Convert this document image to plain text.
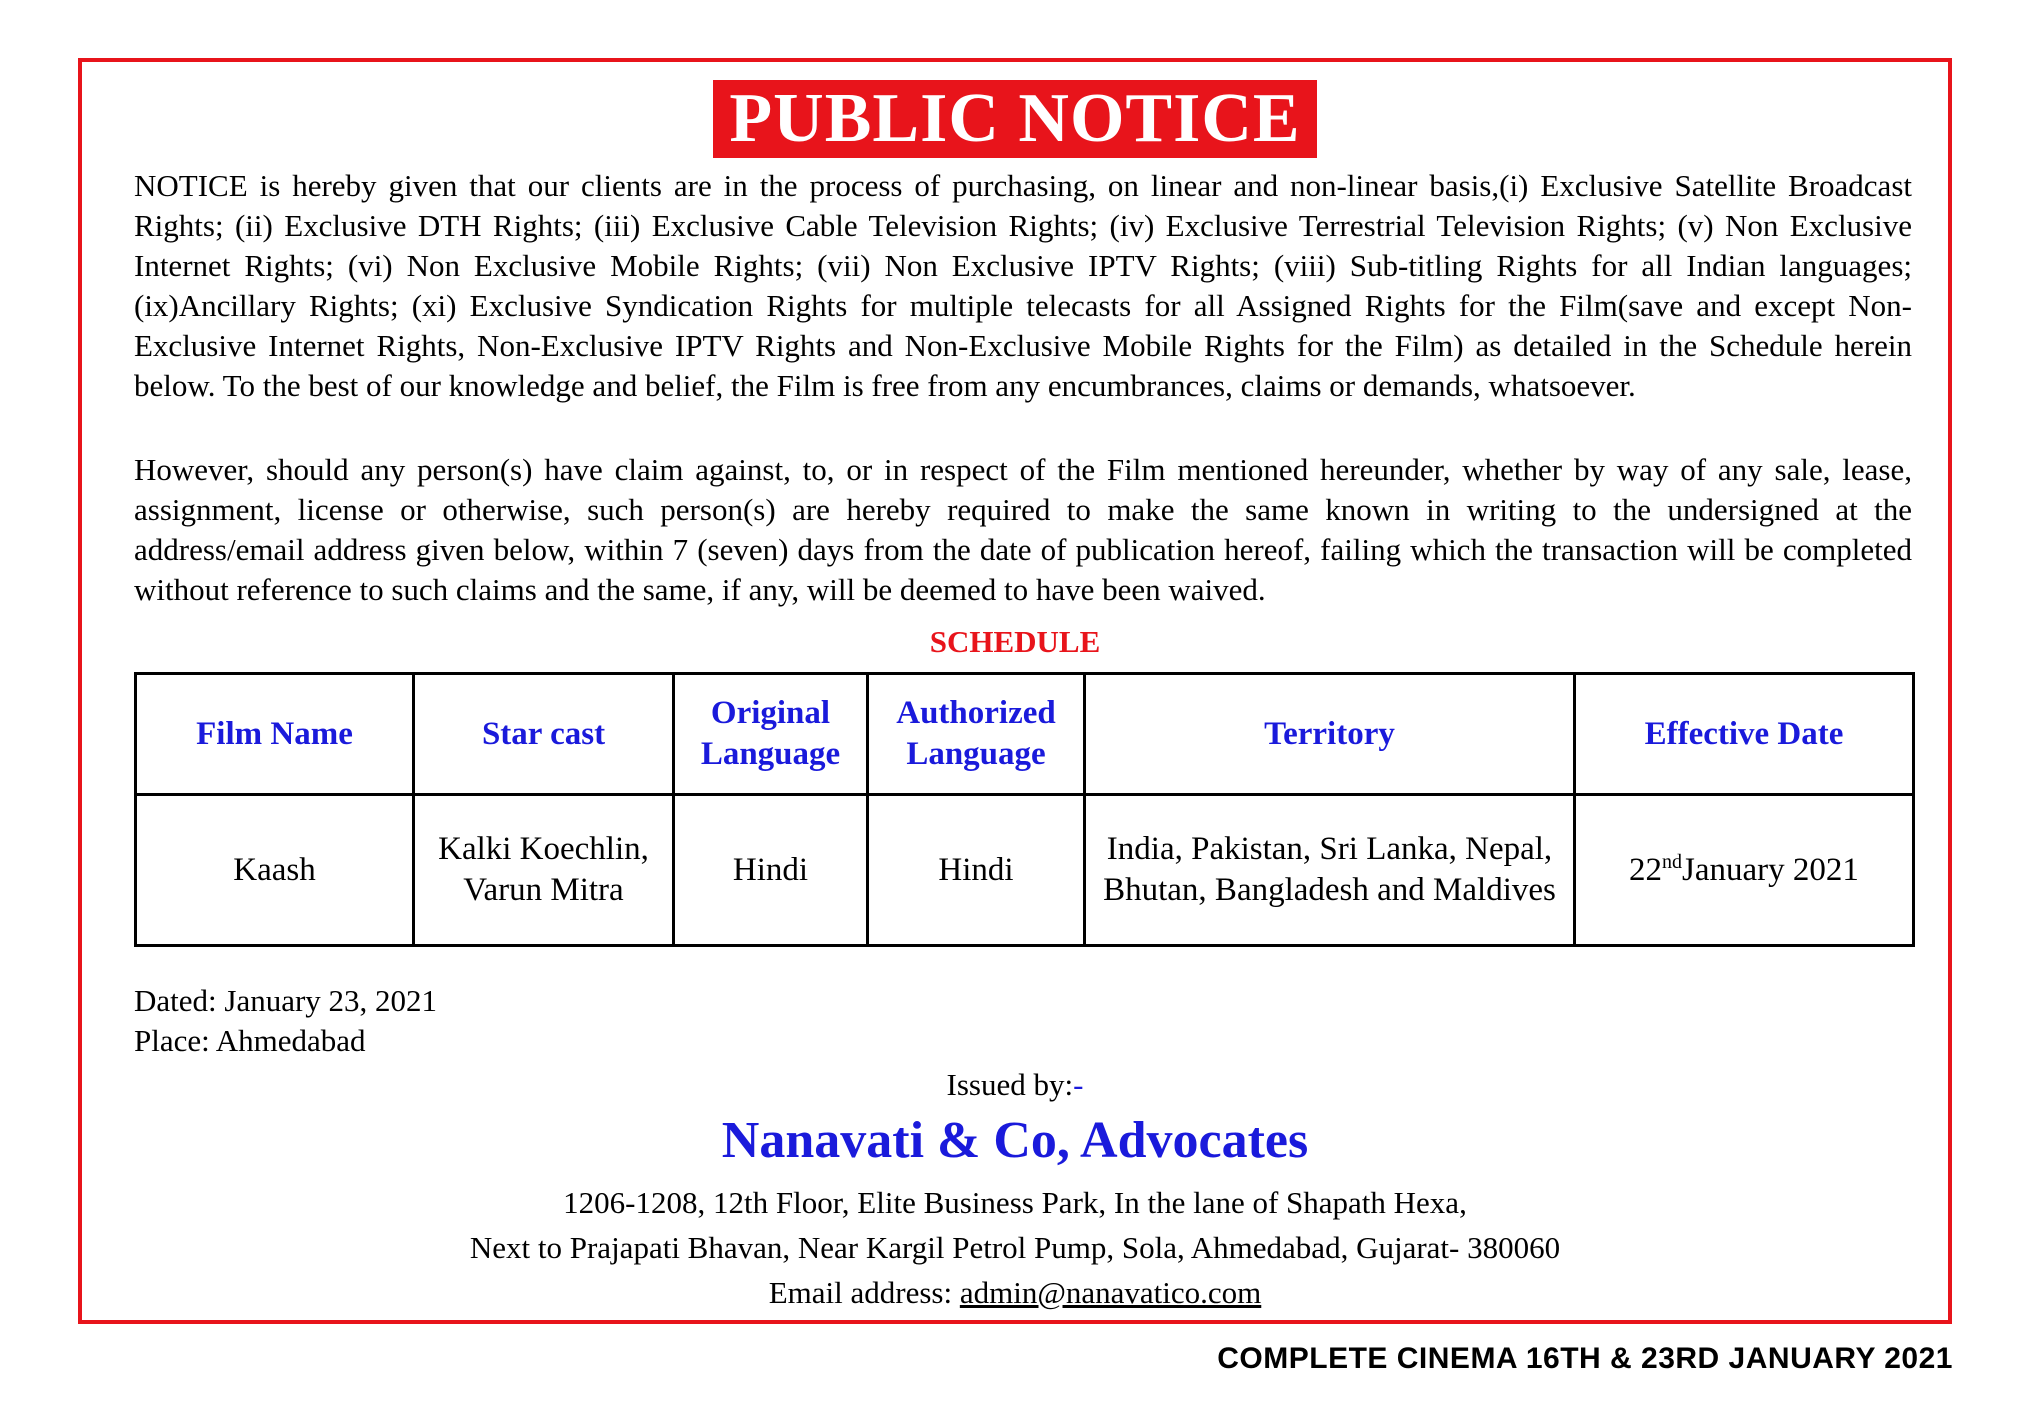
PUBLIC NOTICE
NOTICE is hereby given that our clients are in the process of purchasing, on linear and non-linear basis,(i) Exclusive Satellite Broadcast Rights; (ii) Exclusive DTH Rights; (iii) Exclusive Cable Television Rights; (iv) Exclusive Terrestrial Television Rights; (v) Non Exclusive Internet Rights; (vi) Non Exclusive Mobile Rights; (vii) Non Exclusive IPTV Rights; (viii) Sub-titling Rights for all Indian languages; (ix)Ancillary Rights; (xi) Exclusive Syndication Rights for multiple telecasts for all Assigned Rights for the Film(save and except Non-Exclusive Internet Rights, Non-Exclusive IPTV Rights and Non-Exclusive Mobile Rights for the Film) as detailed in the Schedule herein below. To the best of our knowledge and belief, the Film is free from any encumbrances, claims or demands, whatsoever.
However, should any person(s) have claim against, to, or in respect of the Film mentioned hereunder, whether by way of any sale, lease, assignment, license or otherwise, such person(s) are hereby required to make the same known in writing to the undersigned at the address/email address given below, within 7 (seven) days from the date of publication hereof, failing which the transaction will be completed without reference to such claims and the same, if any, will be deemed to have been waived.
SCHEDULE
Film Name	Star cast	Original Language	Authorized Language	Territory	Effective Date
Kaash	Kalki Koechlin, Varun Mitra	Hindi	Hindi	India, Pakistan, Sri Lanka, Nepal, Bhutan, Bangladesh and Maldives	22ndJanuary 2021
Dated: January 23, 2021
Place: Ahmedabad
Issued by:-
Nanavati & Co, Advocates
1206-1208, 12th Floor, Elite Business Park, In the lane of Shapath Hexa,
Next to Prajapati Bhavan, Near Kargil Petrol Pump, Sola, Ahmedabad, Gujarat- 380060
Email address: admin@nanavatico.com
COMPLETE CINEMA 16TH & 23RD JANUARY 2021
